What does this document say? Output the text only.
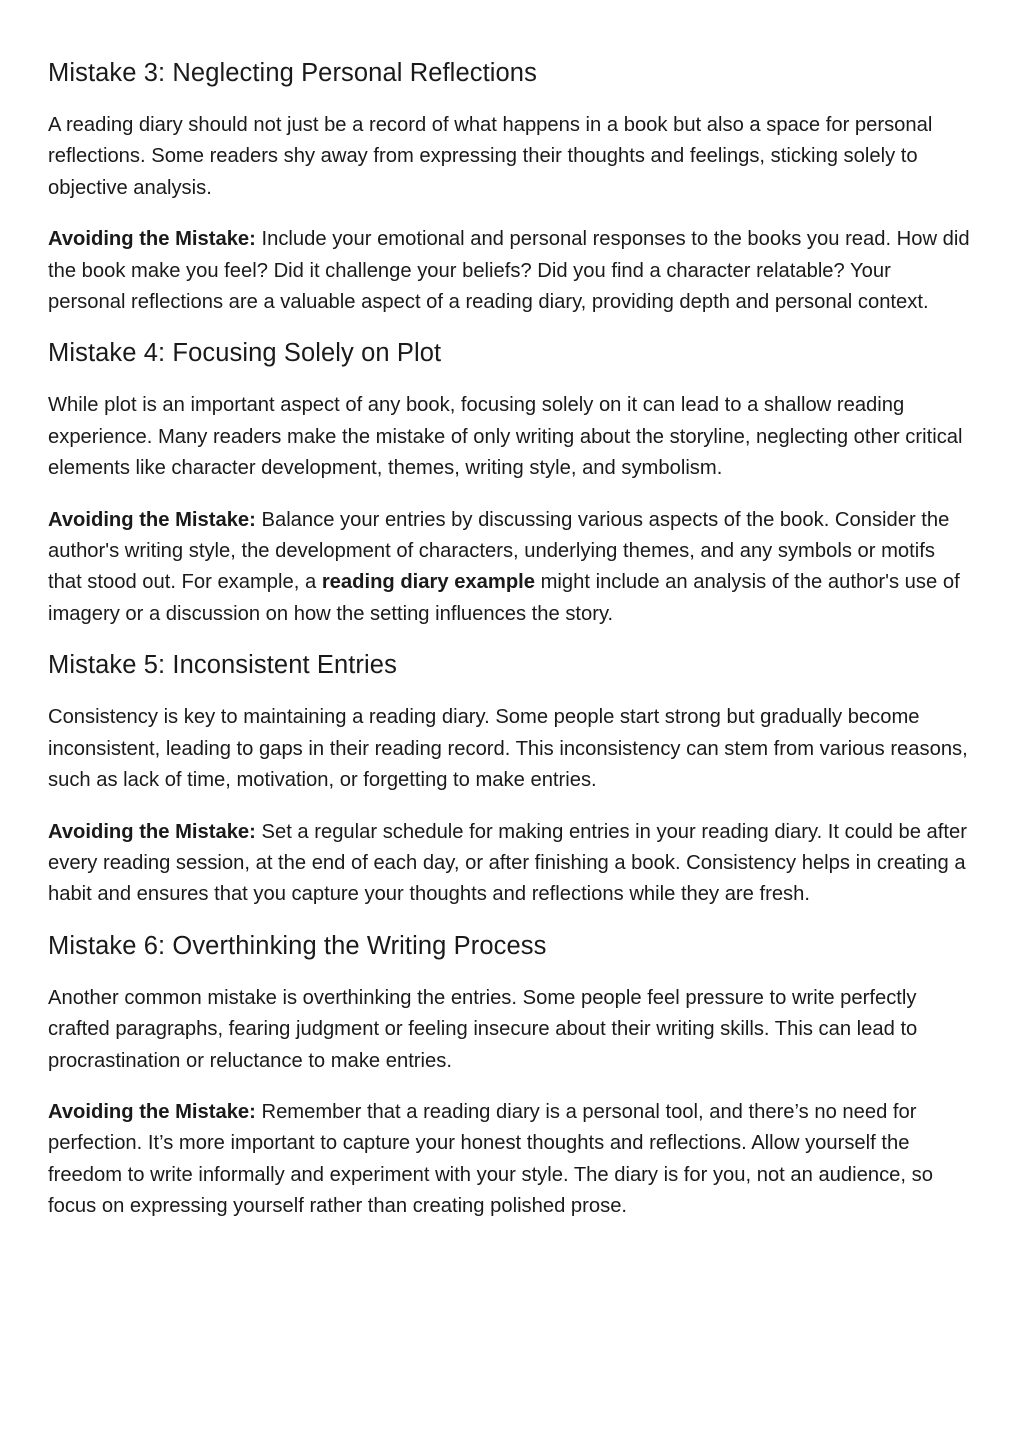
Mistake 3: Neglecting Personal Reflections

A reading diary should not just be a record of what happens in a book but also a space for personal reflections. Some readers shy away from expressing their thoughts and feelings, sticking solely to objective analysis.

Avoiding the Mistake: Include your emotional and personal responses to the books you read. How did the book make you feel? Did it challenge your beliefs? Did you find a character relatable? Your personal reflections are a valuable aspect of a reading diary, providing depth and personal context.

Mistake 4: Focusing Solely on Plot

While plot is an important aspect of any book, focusing solely on it can lead to a shallow reading experience. Many readers make the mistake of only writing about the storyline, neglecting other critical elements like character development, themes, writing style, and symbolism.

Avoiding the Mistake: Balance your entries by discussing various aspects of the book. Consider the author's writing style, the development of characters, underlying themes, and any symbols or motifs that stood out. For example, a reading diary example might include an analysis of the author's use of imagery or a discussion on how the setting influences the story.

Mistake 5: Inconsistent Entries

Consistency is key to maintaining a reading diary. Some people start strong but gradually become inconsistent, leading to gaps in their reading record. This inconsistency can stem from various reasons, such as lack of time, motivation, or forgetting to make entries.

Avoiding the Mistake: Set a regular schedule for making entries in your reading diary. It could be after every reading session, at the end of each day, or after finishing a book. Consistency helps in creating a habit and ensures that you capture your thoughts and reflections while they are fresh.

Mistake 6: Overthinking the Writing Process

Another common mistake is overthinking the entries. Some people feel pressure to write perfectly crafted paragraphs, fearing judgment or feeling insecure about their writing skills. This can lead to procrastination or reluctance to make entries.

Avoiding the Mistake: Remember that a reading diary is a personal tool, and there’s no need for perfection. It’s more important to capture your honest thoughts and reflections. Allow yourself the freedom to write informally and experiment with your style. The diary is for you, not an audience, so focus on expressing yourself rather than creating polished prose.
